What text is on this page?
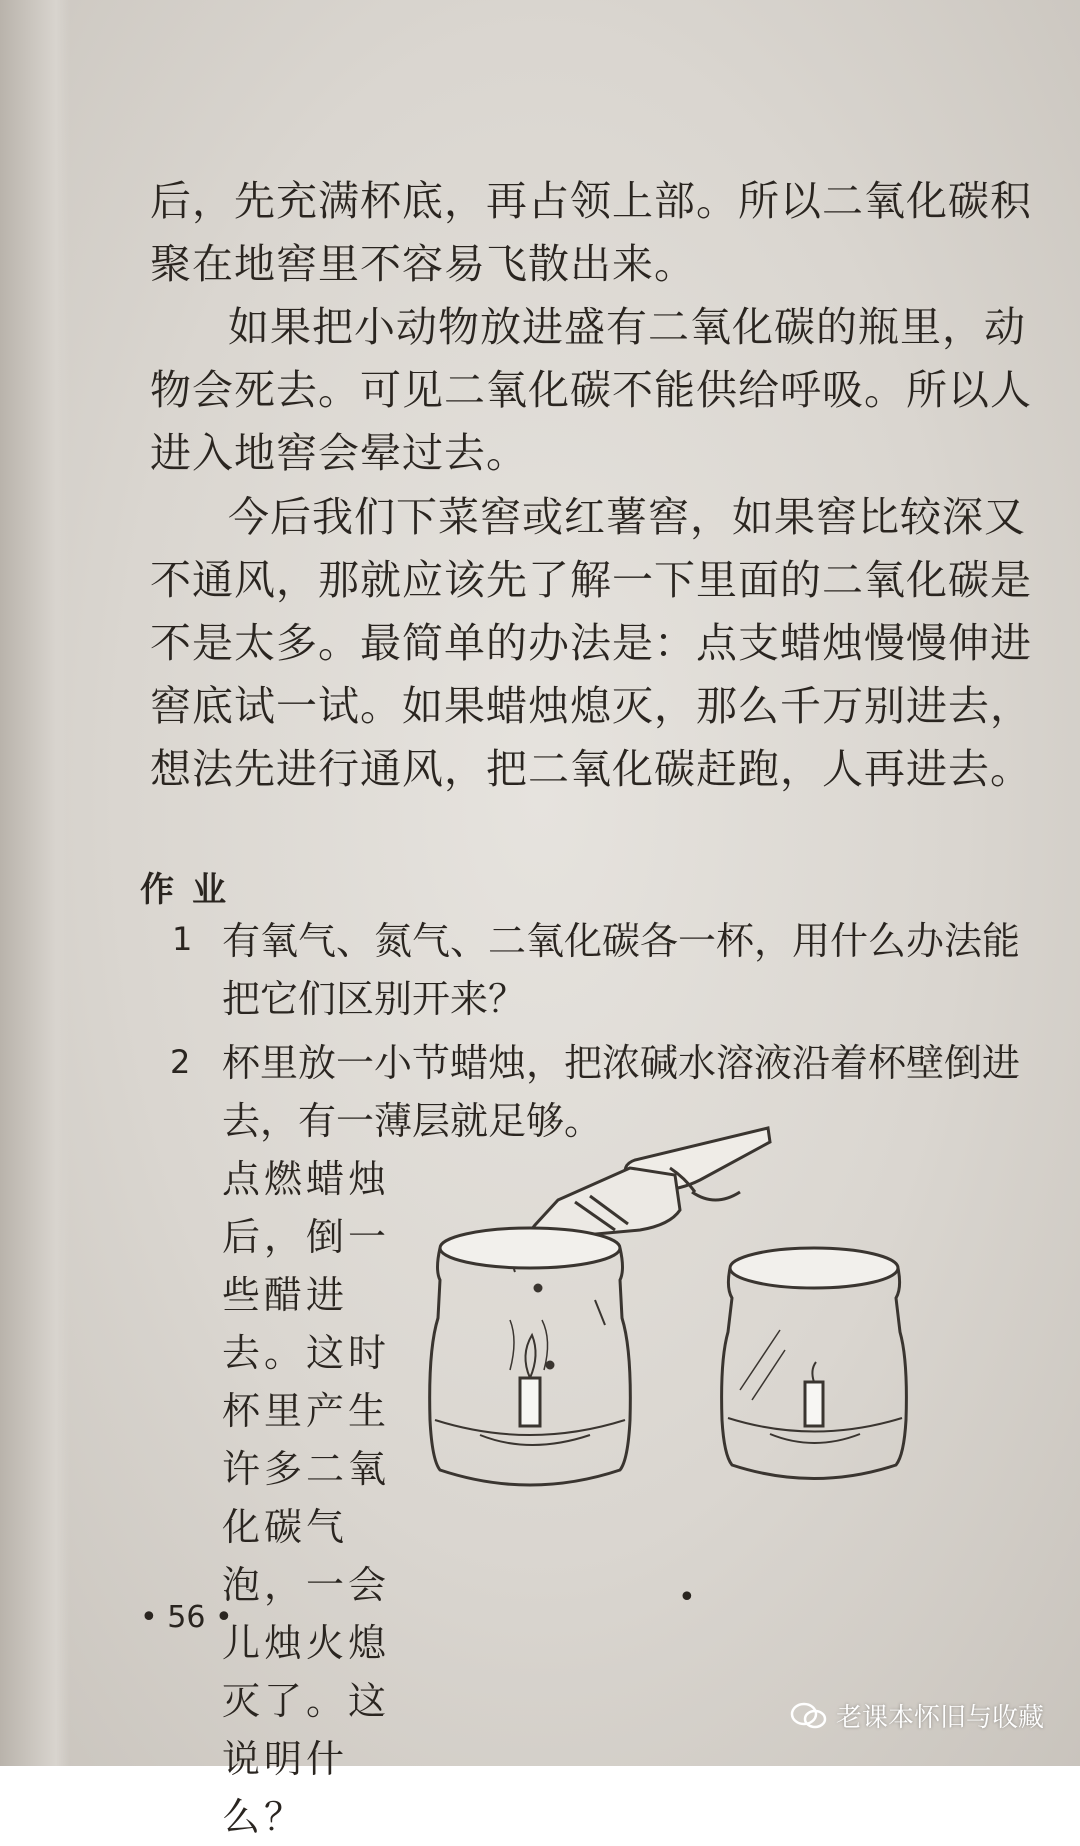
后，先充满杯底，再占领上部。所以二氧化碳积聚在地窖里不容易飞散出来。

如果把小动物放进盛有二氧化碳的瓶里，动物会死去。可见二氧化碳不能供给呼吸。所以人进入地窖会晕过去。

今后我们下菜窖或红薯窖，如果窖比较深又不通风，那就应该先了解一下里面的二氧化碳是不是太多。最简单的办法是：点支蜡烛慢慢伸进窖底试一试。如果蜡烛熄灭，那么千万别进去，想法先进行通风，把二氧化碳赶跑，人再进去。

作业
1 有氧气、氮气、二氧化碳各一杯，用什么办法能把它们区别开来？

2 杯里放一小节蜡烛，把浓碱水溶液沿着杯壁倒进去，有一薄层就足够。

点燃蜡烛后，倒一些醋进去。这时杯里产生许多二氧化碳气泡，一会儿烛火熄灭了。这说明什么？

• 56 •
•
老课本怀旧与收藏
